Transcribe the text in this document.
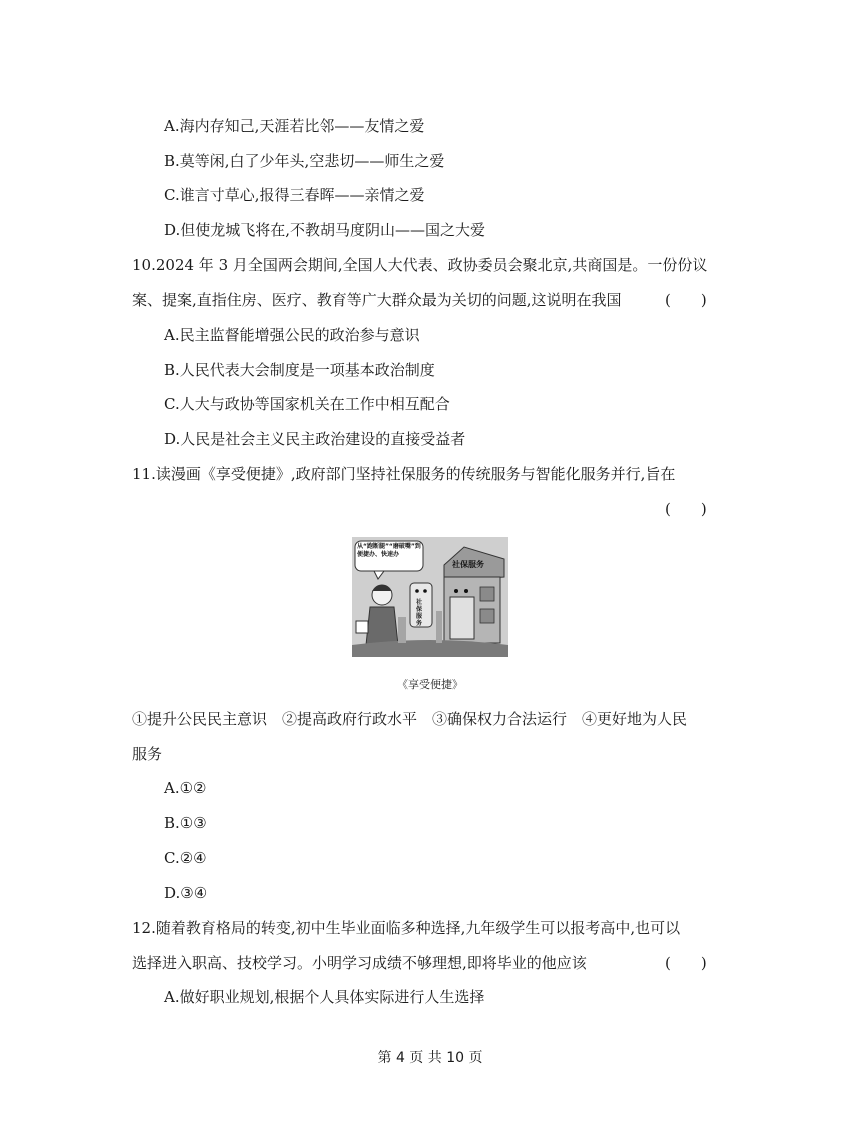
A.海内存知己,天涯若比邻——友情之爱
B.莫等闲,白了少年头,空悲切——师生之爱
C.谁言寸草心,报得三春晖——亲情之爱
D.但使龙城飞将在,不教胡马度阴山——国之大爱
10.2024 年 3 月全国两会期间,全国人大代表、政协委员会聚北京,共商国是。一份份议
案、提案,直指住房、医疗、教育等广大群众最为关切的问题,这说明在我国	(　　)
A.民主监督能增强公民的政治参与意识
B.人民代表大会制度是一项基本政治制度
C.人大与政协等国家机关在工作中相互配合
D.人民是社会主义民主政治建设的直接受益者
11.读漫画《享受便捷》,政府部门坚持社保服务的传统服务与智能化服务并行,旨在
(　　)
从“跑断腿”“磨破嘴”到便捷办、快速办
社保服务
社保服务
《享受便捷》
①提升公民民主意识　②提高政府行政水平　③确保权力合法运行　④更好地为人民
服务
A.①②
B.①③
C.②④
D.③④
12.随着教育格局的转变,初中生毕业面临多种选择,九年级学生可以报考高中,也可以
选择进入职高、技校学习。小明学习成绩不够理想,即将毕业的他应该	(　　)
A.做好职业规划,根据个人具体实际进行人生选择
第 4 页 共 10 页
